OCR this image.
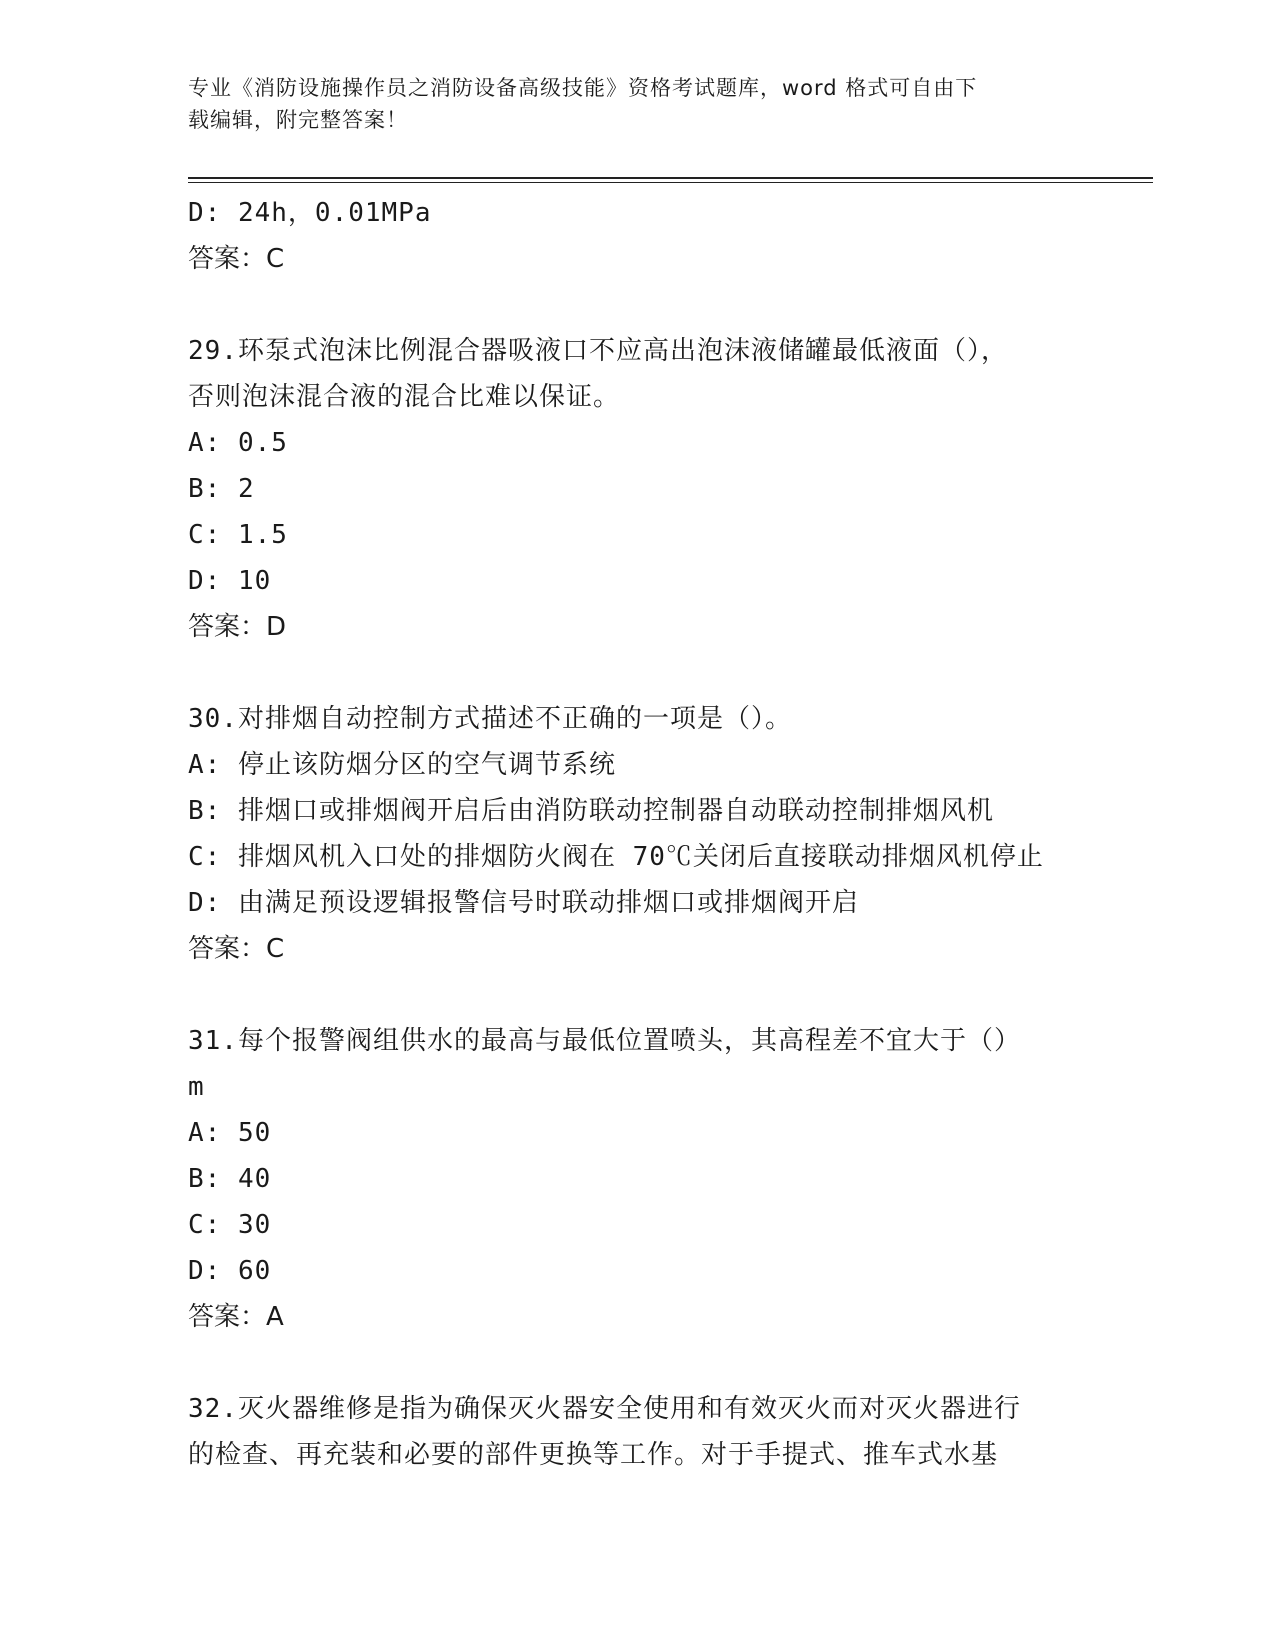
专业《消防设施操作员之消防设备高级技能》资格考试题库，word 格式可自由下
载编辑，附完整答案！
D: 24h，0.01MPa
答案：C
29.环泵式泡沫比例混合器吸液口不应高出泡沫液储罐最低液面（），
否则泡沫混合液的混合比难以保证。
A: 0.5
B: 2
C: 1.5
D: 10
答案：D
30.对排烟自动控制方式描述不正确的一项是（）。
A: 停止该防烟分区的空气调节系统
B: 排烟口或排烟阀开启后由消防联动控制器自动联动控制排烟风机
C: 排烟风机入口处的排烟防火阀在 70℃关闭后直接联动排烟风机停止
D: 由满足预设逻辑报警信号时联动排烟口或排烟阀开启
答案：C
31.每个报警阀组供水的最高与最低位置喷头，其高程差不宜大于（）
m
A: 50
B: 40
C: 30
D: 60
答案：A
32.灭火器维修是指为确保灭火器安全使用和有效灭火而对灭火器进行
的检查、再充装和必要的部件更换等工作。对于手提式、推车式水基
